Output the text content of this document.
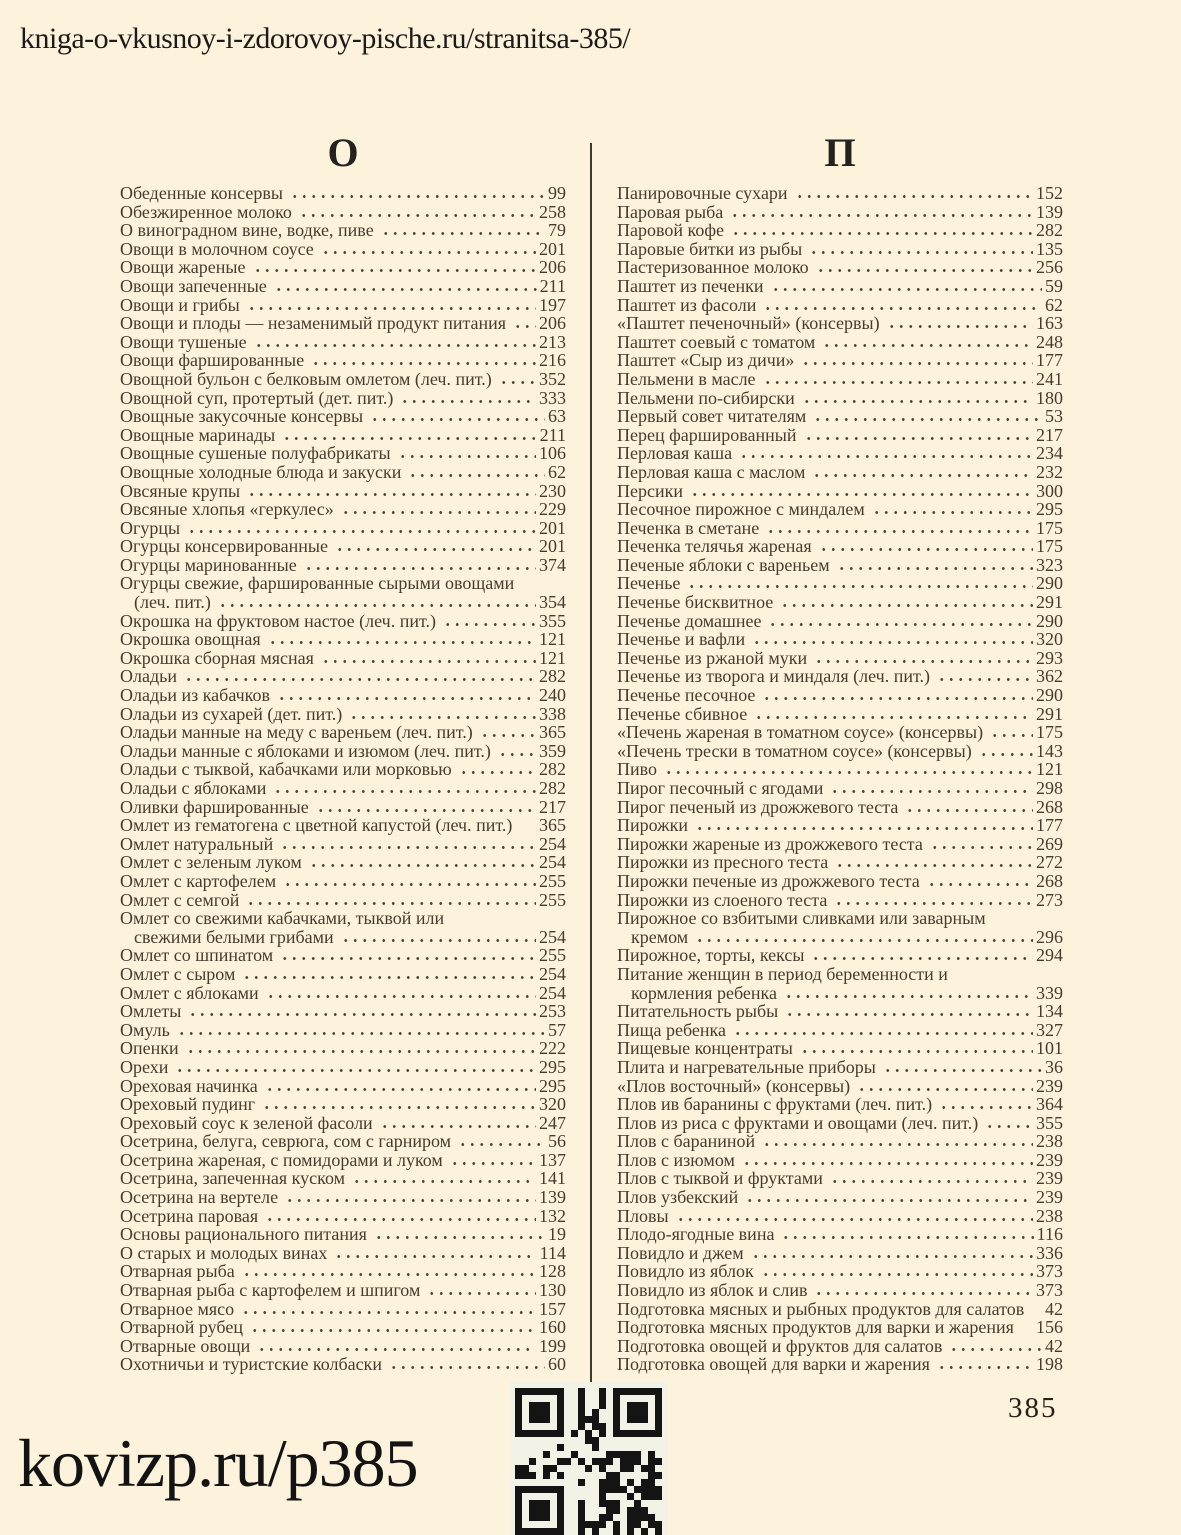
kniga-o-vkusnoy-i-zdorovoy-pische.ru/stranitsa-385/
О
Обеденные консервы	99
Обезжиренное молоко	258
О виноградном вине, водке, пиве	79
Овощи в молочном соусе	201
Овощи жареные	206
Овощи запеченные	211
Овощи и грибы	197
Овощи и плоды — незаменимый продукт питания 206
Овощи тушеные	213
Овощи фаршированные	216
Овощной бульон с белковым омлетом (леч. пит.)	352
Овощной суп, протертый (дет. пит.)	333
Овощные закусочные консервы	63
Овощные маринады	211
Овощные сушеные полуфабрикаты	106
Овощные холодные блюда и закуски	62
Овсяные крупы	230
Овсяные хлопья «геркулес»	229
Огурцы	201
Огурцы консервированные	201
Огурцы маринованные	374
Огурцы свежие, фаршированные сырыми овощами
(леч. пит.)	354
Окрошка на фруктовом настое (леч. пит.)	355
Окрошка овощная	121
Окрошка сборная мясная	121
Оладьи	282
Оладьи из кабачков	240
Оладьи из сухарей (дет. пит.)	338
Оладьи манные на меду с вареньем (леч. пит.)	365
Оладьи манные с яблоками и изюмом (леч. пит.)	359
Оладьи с тыквой, кабачками или морковью	282
Оладьи с яблоками	282
Оливки фаршированные	217
Омлет из гематогена с цветной капустой (леч. пит.) 365
Омлет натуральный	254
Омлет с зеленым луком	254
Омлет с картофелем	255
Омлет с семгой	255
Омлет со свежими кабачками, тыквой или
свежими белыми грибами	254
Омлет со шпинатом	255
Омлет с сыром	254
Омлет с яблоками	254
Омлеты	253
Омуль	57
Опенки	222
Орехи	295
Ореховая начинка	295
Ореховый пудинг	320
Ореховый соус к зеленой фасоли	247
Осетрина, белуга, севрюга, сом с гарниром	56
Осетрина жареная, с помидорами и луком	137
Осетрина, запеченная куском	141
Осетрина на вертеле	139
Осетрина паровая	132
Основы рационального питания	19
О старых и молодых винах	114
Отварная рыба	128
Отварная рыба с картофелем и шпигом	130
Отварное мясо	157
Отварной рубец	160
Отварные овощи	199
Охотничьи и туристские колбаски	60
П
Панировочные сухари	152
Паровая рыба	139
Паровой кофе	282
Паровые битки из рыбы	135
Пастеризованное молоко	256
Паштет из печенки	59
Паштет из фасоли	62
«Паштет печеночный» (консервы)	163
Паштет соевый с томатом	248
Паштет «Сыр из дичи»	177
Пельмени в масле	241
Пельмени по-сибирски	180
Первый совет читателям	53
Перец фаршированный	217
Перловая каша	234
Перловая каша с маслом	232
Персики	300
Песочное пирожное с миндалем	295
Печенка в сметане	175
Печенка телячья жареная	175
Печеные яблоки с вареньем	323
Печенье	290
Печенье бисквитное	291
Печенье домашнее	290
Печенье и вафли	320
Печенье из ржаной муки	293
Печенье из творога и миндаля (леч. пит.)	362
Печенье песочное	290
Печенье сбивное	291
«Печень жареная в томатном соусе» (консервы)	175
«Печень трески в томатном соусе» (консервы)	143
Пиво	121
Пирог песочный с ягодами	298
Пирог печеный из дрожжевого теста	268
Пирожки	177
Пирожки жареные из дрожжевого теста	269
Пирожки из пресного теста	272
Пирожки печеные из дрожжевого теста	268
Пирожки из слоеного теста	273
Пирожное со взбитыми сливками или заварным
кремом	296
Пирожное, торты, кексы	294
Питание женщин в период беременности и
кормления ребенка	339
Питательность рыбы	134
Пища ребенка	327
Пищевые концентраты	101
Плита и нагревательные приборы	36
«Плов восточный» (консервы)	239
Плов ив баранины с фруктами (леч. пит.)	364
Плов из риса с фруктами и овощами (леч. пит.)	355
Плов с бараниной	238
Плов с изюмом	239
Плов с тыквой и фруктами	239
Плов узбекский	239
Пловы	238
Плодо-ягодные вина	116
Повидло и джем	336
Повидло из яблок	373
Повидло из яблок и слив	373
Подготовка мясных и рыбных продуктов для салатов 42
Подготовка мясных продуктов для варки и жарения 156
Подготовка овощей и фруктов для салатов	42
Подготовка овощей для варки и жарения	198
385
kovizp.ru/p385
